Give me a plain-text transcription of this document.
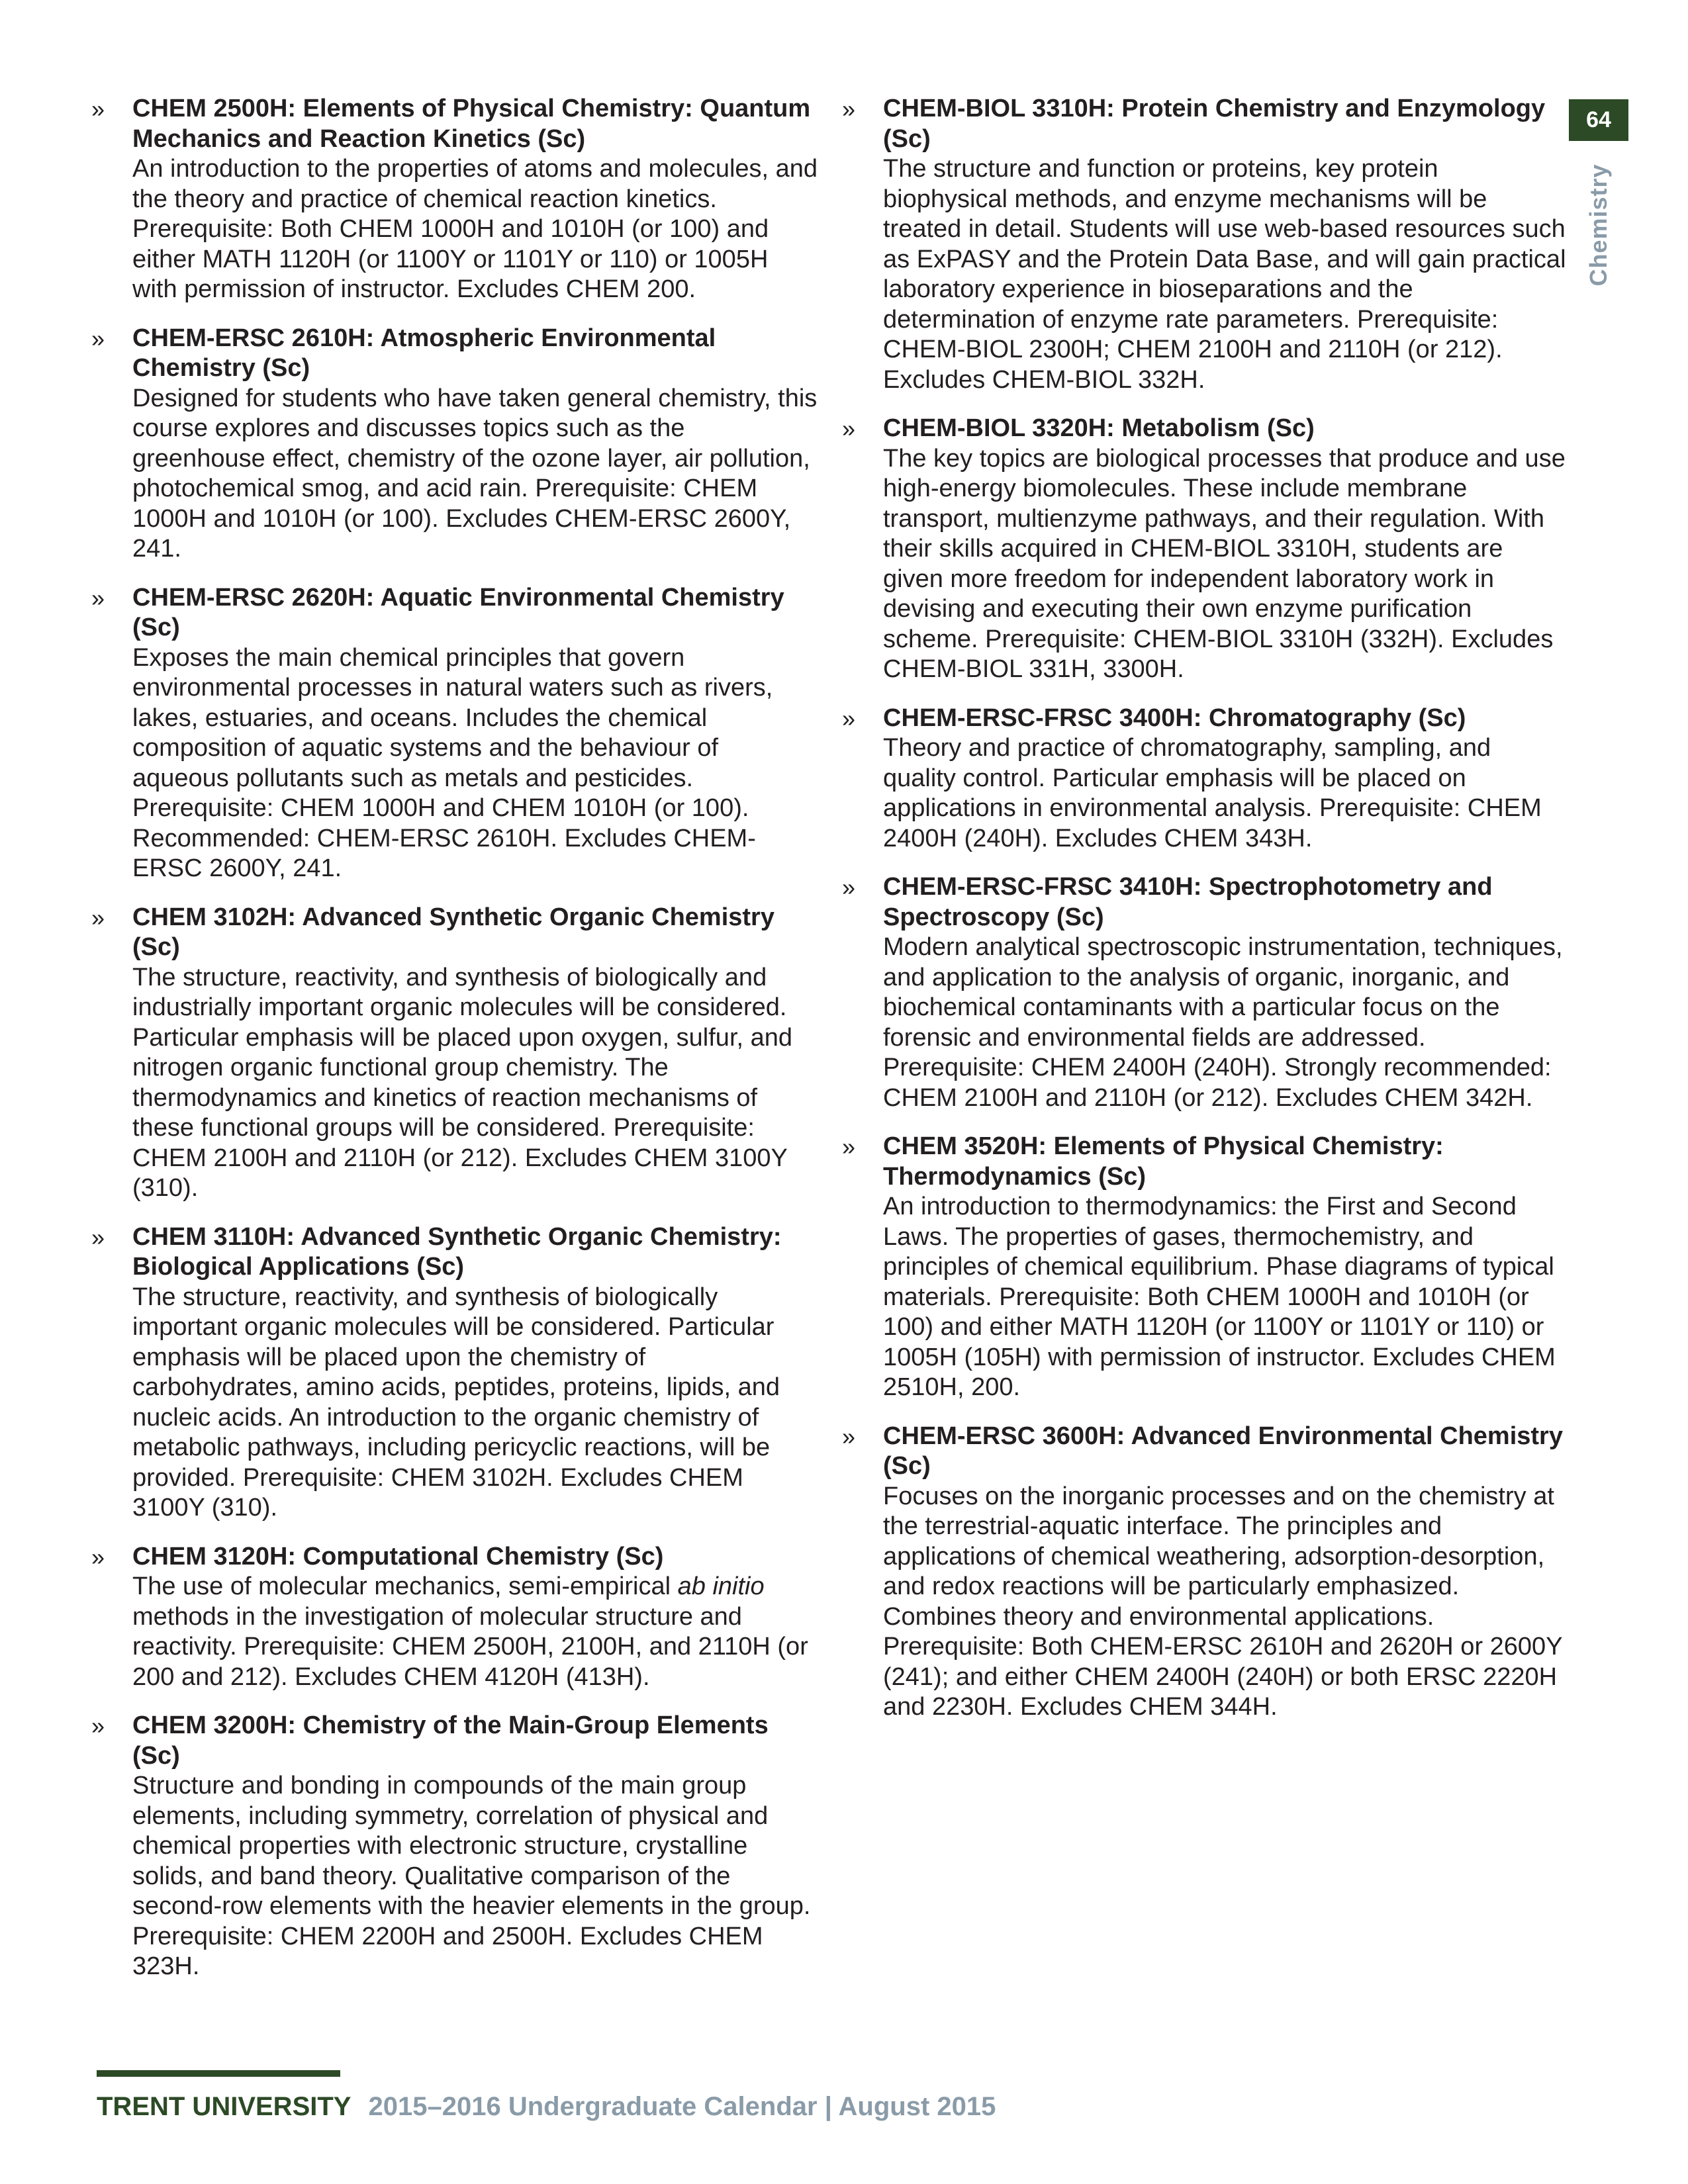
64
Chemistry
» CHEM 2500H: Elements of Physical Chemistry: Quantum Mechanics and Reaction Kinetics (Sc)
An introduction to the properties of atoms and molecules, and the theory and practice of chemical reaction kinetics. Prerequisite: Both CHEM 1000H and 1010H (or 100) and either MATH 1120H (or 1100Y or 1101Y or 110) or 1005H with permission of instructor. Excludes CHEM 200.
» CHEM-ERSC 2610H: Atmospheric Environmental Chemistry (Sc)
Designed for students who have taken general chemistry, this course explores and discusses topics such as the greenhouse effect, chemistry of the ozone layer, air pollution, photochemical smog, and acid rain. Prerequisite: CHEM 1000H and 1010H (or 100). Excludes CHEM-ERSC 2600Y, 241.
» CHEM-ERSC 2620H: Aquatic Environmental Chemistry (Sc)
Exposes the main chemical principles that govern environmental processes in natural waters such as rivers, lakes, estuaries, and oceans. Includes the chemical composition of aquatic systems and the behaviour of aqueous pollutants such as metals and pesticides. Prerequisite: CHEM 1000H and CHEM 1010H (or 100). Recommended: CHEM-ERSC 2610H. Excludes CHEM-ERSC 2600Y, 241.
» CHEM 3102H: Advanced Synthetic Organic Chemistry (Sc)
The structure, reactivity, and synthesis of biologically and industrially important organic molecules will be considered. Particular emphasis will be placed upon oxygen, sulfur, and nitrogen organic functional group chemistry. The thermodynamics and kinetics of reaction mechanisms of these functional groups will be considered. Prerequisite: CHEM 2100H and 2110H (or 212). Excludes CHEM 3100Y (310).
» CHEM 3110H: Advanced Synthetic Organic Chemistry: Biological Applications (Sc)
The structure, reactivity, and synthesis of biologically important organic molecules will be considered. Particular emphasis will be placed upon the chemistry of carbohydrates, amino acids, peptides, proteins, lipids, and nucleic acids. An introduction to the organic chemistry of metabolic pathways, including pericyclic reactions, will be provided. Prerequisite: CHEM 3102H. Excludes CHEM 3100Y (310).
» CHEM 3120H: Computational Chemistry (Sc)
The use of molecular mechanics, semi-empirical ab initio methods in the investigation of molecular structure and reactivity. Prerequisite: CHEM 2500H, 2100H, and 2110H (or 200 and 212). Excludes CHEM 4120H (413H).
» CHEM 3200H: Chemistry of the Main-Group Elements (Sc)
Structure and bonding in compounds of the main group elements, including symmetry, correlation of physical and chemical properties with electronic structure, crystalline solids, and band theory. Qualitative comparison of the second-row elements with the heavier elements in the group. Prerequisite: CHEM 2200H and 2500H. Excludes CHEM 323H.
» CHEM-BIOL 3310H: Protein Chemistry and Enzymology (Sc)
The structure and function or proteins, key protein biophysical methods, and enzyme mechanisms will be treated in detail. Students will use web-based resources such as ExPASY and the Protein Data Base, and will gain practical laboratory experience in bioseparations and the determination of enzyme rate parameters. Prerequisite: CHEM-BIOL 2300H; CHEM 2100H and 2110H (or 212). Excludes CHEM-BIOL 332H.
» CHEM-BIOL 3320H: Metabolism (Sc)
The key topics are biological processes that produce and use high-energy biomolecules. These include membrane transport, multienzyme pathways, and their regulation. With their skills acquired in CHEM-BIOL 3310H, students are given more freedom for independent laboratory work in devising and executing their own enzyme purification scheme. Prerequisite: CHEM-BIOL 3310H (332H). Excludes CHEM-BIOL 331H, 3300H.
» CHEM-ERSC-FRSC 3400H: Chromatography (Sc)
Theory and practice of chromatography, sampling, and quality control. Particular emphasis will be placed on applications in environmental analysis. Prerequisite: CHEM 2400H (240H). Excludes CHEM 343H.
» CHEM-ERSC-FRSC 3410H: Spectrophotometry and Spectroscopy (Sc)
Modern analytical spectroscopic instrumentation, techniques, and application to the analysis of organic, inorganic, and biochemical contaminants with a particular focus on the forensic and environmental fields are addressed. Prerequisite: CHEM 2400H (240H). Strongly recommended: CHEM 2100H and 2110H (or 212). Excludes CHEM 342H.
» CHEM 3520H: Elements of Physical Chemistry: Thermodynamics (Sc)
An introduction to thermodynamics: the First and Second Laws. The properties of gases, thermochemistry, and principles of chemical equilibrium. Phase diagrams of typical materials. Prerequisite: Both CHEM 1000H and 1010H (or 100) and either MATH 1120H (or 1100Y or 1101Y or 110) or 1005H (105H) with permission of instructor. Excludes CHEM 2510H, 200.
» CHEM-ERSC 3600H: Advanced Environmental Chemistry (Sc)
Focuses on the inorganic processes and on the chemistry at the terrestrial-aquatic interface. The principles and applications of chemical weathering, adsorption-desorption, and redox reactions will be particularly emphasized. Combines theory and environmental applications. Prerequisite: Both CHEM-ERSC 2610H and 2620H or 2600Y (241); and either CHEM 2400H (240H) or both ERSC 2220H and 2230H. Excludes CHEM 344H.
TRENT UNIVERSITY 2015–2016 Undergraduate Calendar | August 2015
